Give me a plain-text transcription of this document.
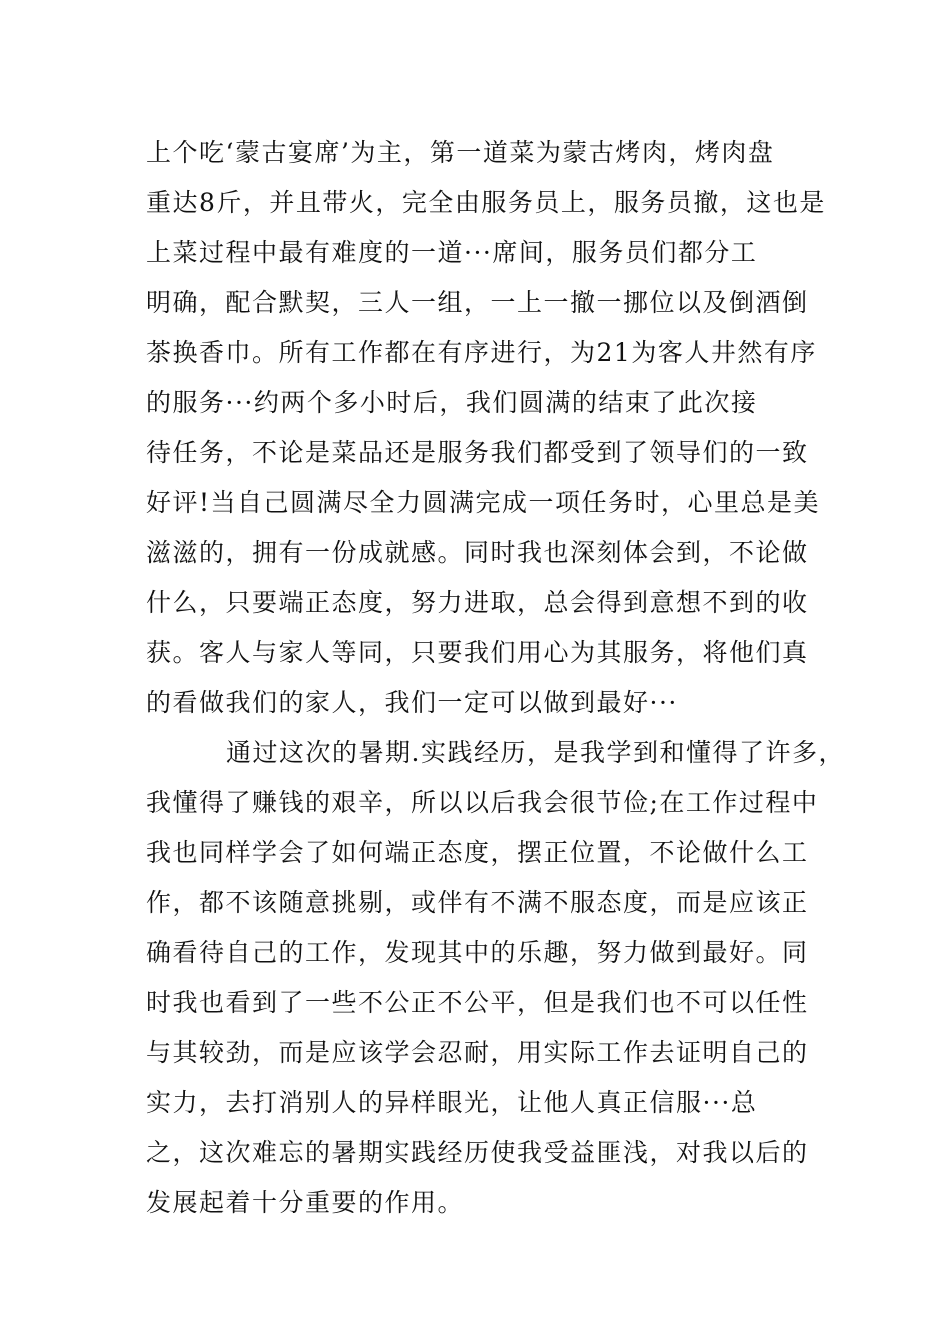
上个吃‘蒙古宴席’为主，第一道菜为蒙古烤肉，烤肉盘
重达8斤，并且带火，完全由服务员上，服务员撤，这也是
上菜过程中最有难度的一道···席间，服务员们都分工
明确，配合默契，三人一组，一上一撤一挪位以及倒酒倒
茶换香巾。所有工作都在有序进行，为21为客人井然有序
的服务···约两个多小时后，我们圆满的结束了此次接
待任务，不论是菜品还是服务我们都受到了领导们的一致
好评!当自己圆满尽全力圆满完成一项任务时，心里总是美
滋滋的，拥有一份成就感。同时我也深刻体会到，不论做
什么，只要端正态度，努力进取，总会得到意想不到的收
获。客人与家人等同，只要我们用心为其服务，将他们真
的看做我们的家人，我们一定可以做到最好···
通过这次的暑期.实践经历，是我学到和懂得了许多，
我懂得了赚钱的艰辛，所以以后我会很节俭;在工作过程中
我也同样学会了如何端正态度，摆正位置，不论做什么工
作，都不该随意挑剔，或伴有不满不服态度，而是应该正
确看待自己的工作，发现其中的乐趣，努力做到最好。同
时我也看到了一些不公正不公平，但是我们也不可以任性
与其较劲，而是应该学会忍耐，用实际工作去证明自己的
实力，去打消别人的异样眼光，让他人真正信服···总
之，这次难忘的暑期实践经历使我受益匪浅，对我以后的
发展起着十分重要的作用。
